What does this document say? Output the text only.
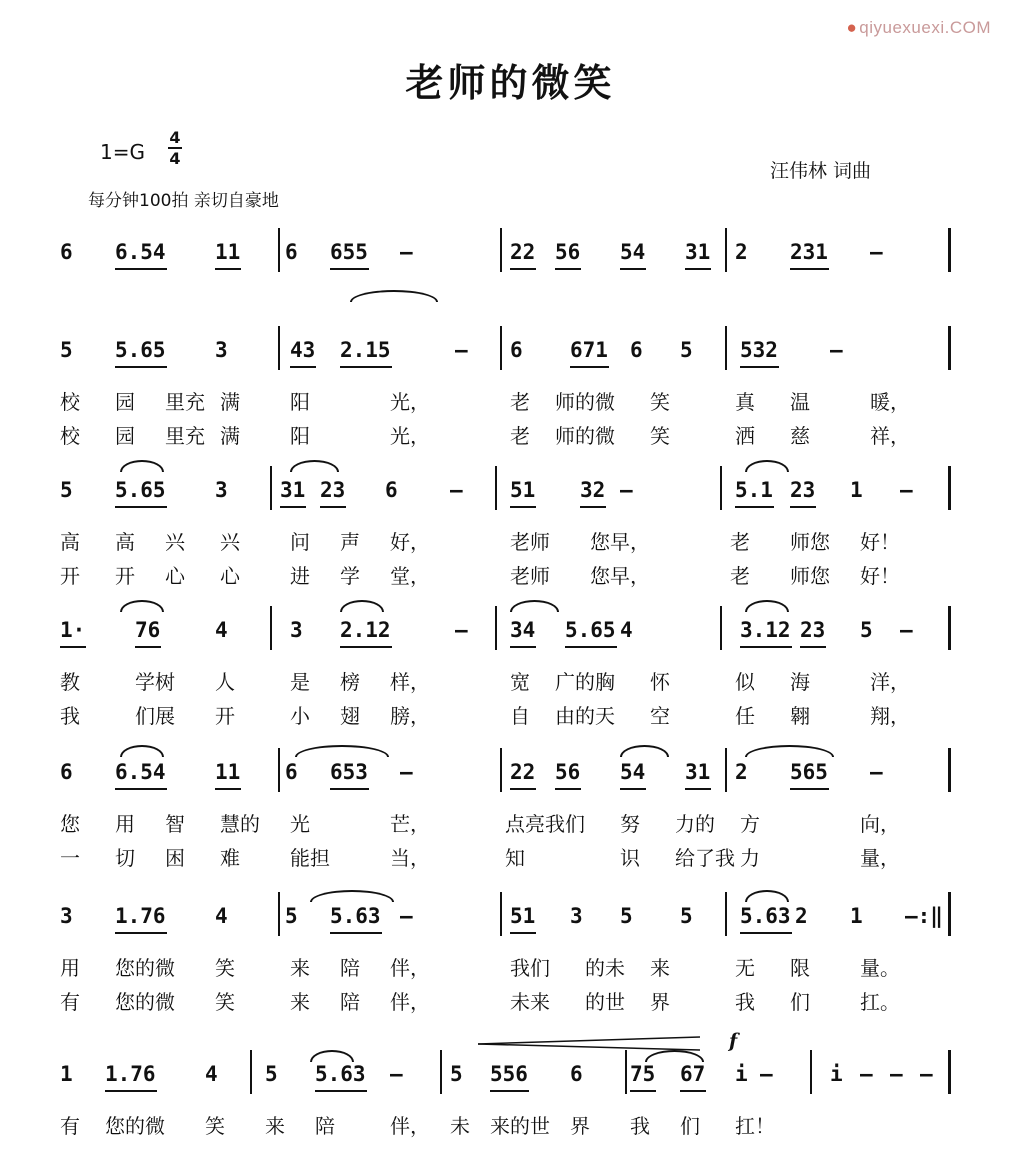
● qiyuexuexi.COM
老师的微笑
1=G
4
4
每分钟100拍 亲切自豪地
汪伟林 词曲
6 6.54 11 6 655 –	22 56 54 31 2 231 –
5 5.65 3	43 2.15	– 6 671 6 5 532 –
校 园 里充 满	阳	光，	老 师的微 笑	真 温	暖，
校 园 里充 满	阳	光，	老 师的微 笑	洒 慈	祥，
5 5.65 3 31 23 6 – 51 32 –	5.1 23 1 –
高 高 兴 兴	问 声 好，	老师 您早，	老 师您 好！
开 开 心 心	进 学 堂，	老师 您早，	老 师您 好！
1· 76	4	3 2.12	– 34 5.65 4	3.12 23 5 –
教	学树 人	是 榜 样，	宽 广的胸 怀	似 海	洋，
我	们展 开	小 翅 膀，	自 由的天 空	任 翱	翔，
6 6.54 11 6 653 –	22 56 54 31 2 565 –
您 用 智 慧的 光	芒，	点亮我们 努 力的 方	向，
一 切 困 难	能担	当，	知	识 给了我 力	量，
3 1.76 4	5 5.63 –	51 3 5 5 5.63 2 1 –:‖
用 您的微 笑	来 陪 伴，	我们 的未 来	无 限	量。
有 您的微 笑	来 陪 伴，	未来 的世 界	我 们	扛。
1 1.76 4 5 5.63 – 5 556 6 75 67 i –	i – – –
有 您的微 笑 来 陪	伴， 未 来的世 界 我 们 扛！
f
